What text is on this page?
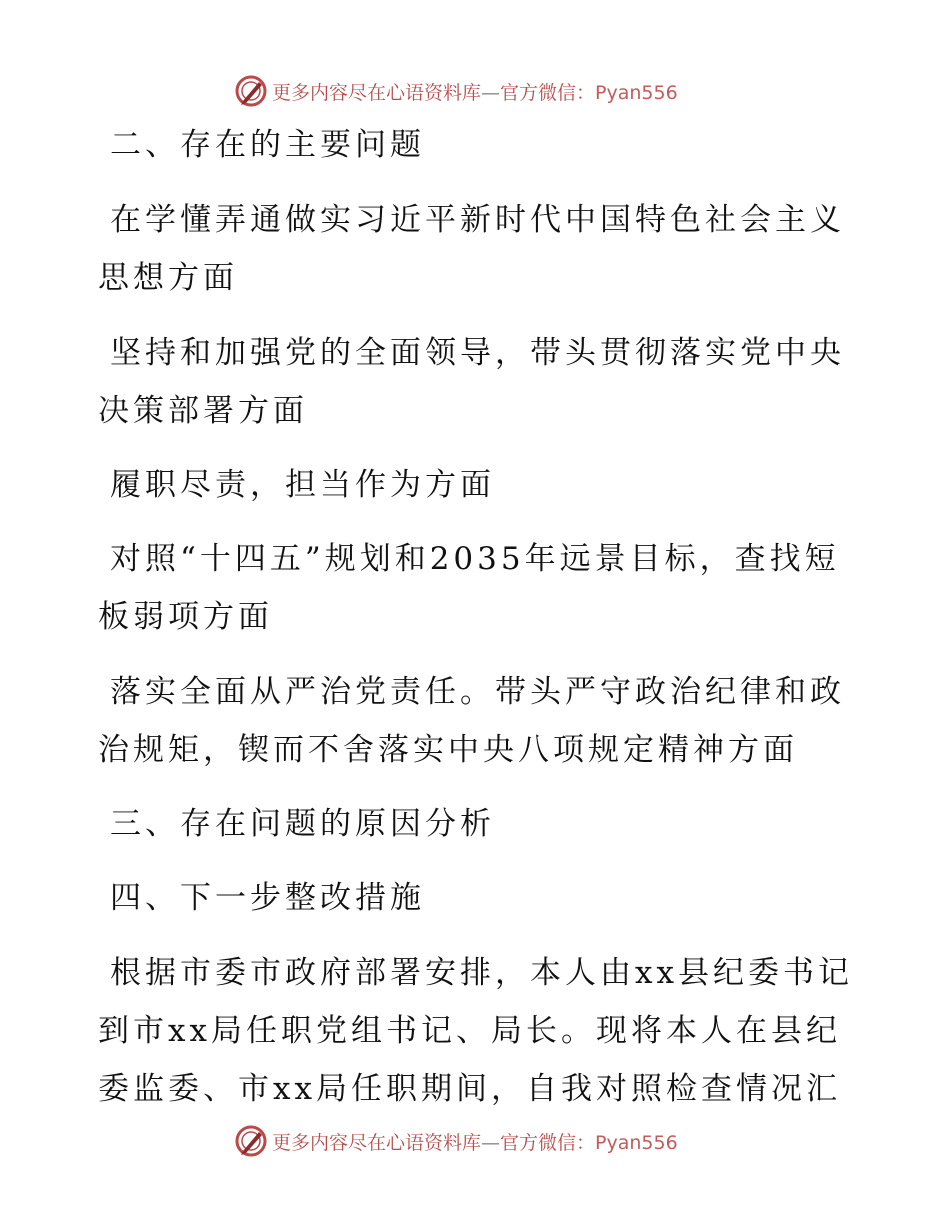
更多内容尽在心语资料库—官方微信：Pyan556
二、存在的主要问题
在学懂弄通做实习近平新时代中国特色社会主义
思想方面
坚持和加强党的全面领导，带头贯彻落实党中央
决策部署方面
履职尽责，担当作为方面
对照“十四五”规划和2035年远景目标，查找短
板弱项方面
落实全面从严治党责任。带头严守政治纪律和政
治规矩，锲而不舍落实中央八项规定精神方面
三、存在问题的原因分析
四、下一步整改措施
根据市委市政府部署安排，本人由xx县纪委书记
到市xx局任职党组书记、局长。现将本人在县纪
委监委、市xx局任职期间，自我对照检查情况汇
更多内容尽在心语资料库—官方微信：Pyan556
